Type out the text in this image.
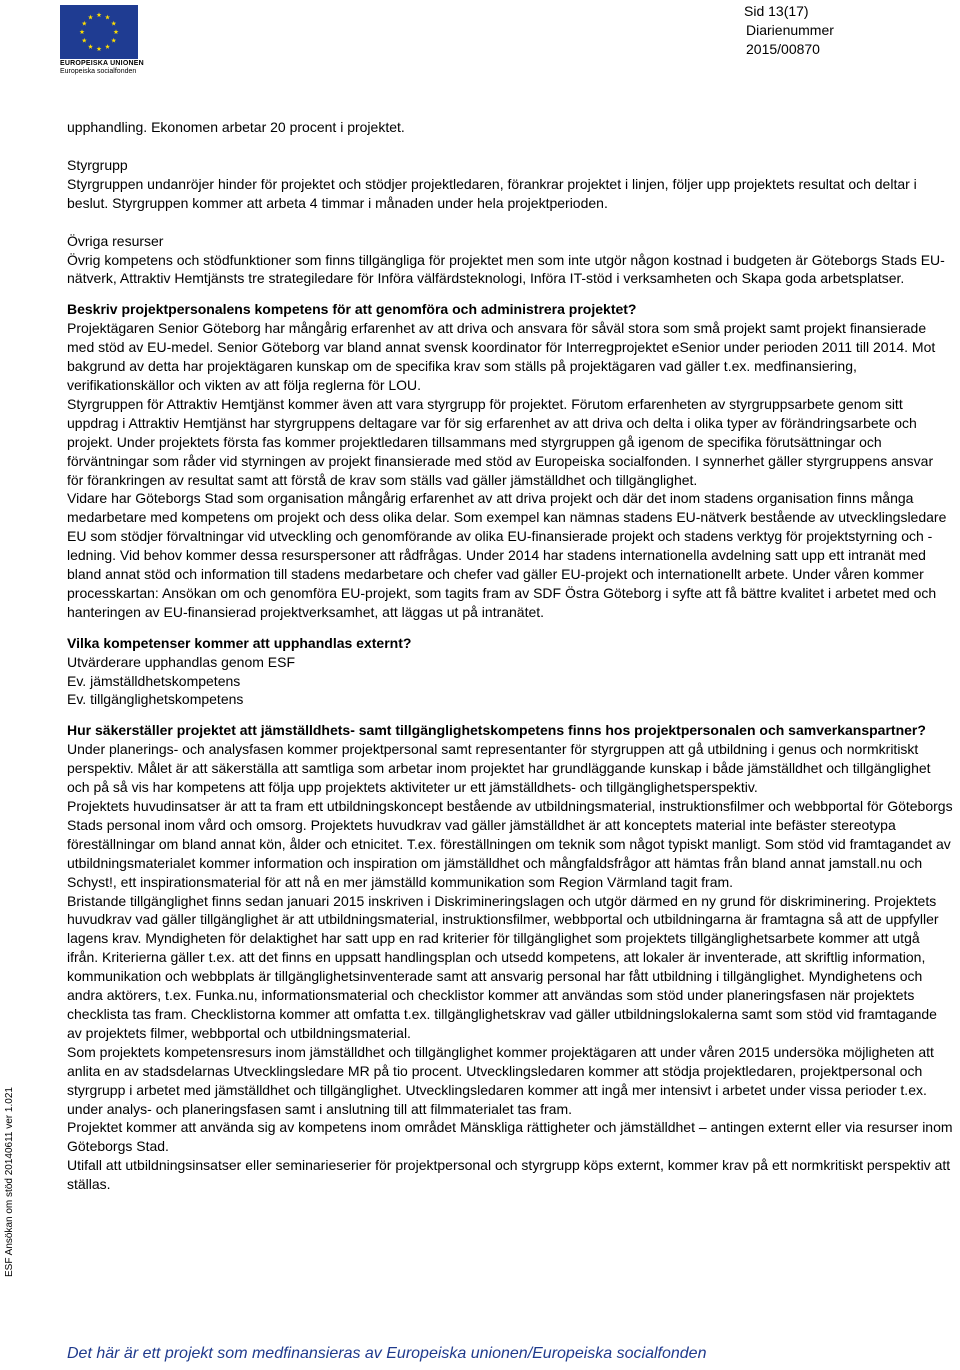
EUROPEISKA UNIONEN
Europeiska socialfonden
Sid 13(17)
Diarienummer
2015/00870

upphandling. Ekonomen arbetar 20 procent i projektet.

Styrgrupp

Styrgruppen undanröjer hinder för projektet och stödjer projektledaren, förankrar projektet i linjen, följer upp projektets resultat och deltar i beslut. Styrgruppen kommer att arbeta 4 timmar i månaden under hela projektperioden.

Övriga resurser

Övrig kompetens och stödfunktioner som finns tillgängliga för projektet men som inte utgör någon kostnad i budgeten är Göteborgs Stads EU-nätverk, Attraktiv Hemtjänsts tre strategiledare för Införa välfärdsteknologi, Införa IT-stöd i verksamheten och Skapa goda arbetsplatser.

Beskriv projektpersonalens kompetens för att genomföra och administrera projektet?

Projektägaren Senior Göteborg har mångårig erfarenhet av att driva och ansvara för såväl stora som små projekt samt projekt finansierade med stöd av EU-medel. Senior Göteborg var bland annat svensk koordinator för Interregprojektet eSenior under perioden 2011 till 2014. Mot bakgrund av detta har projektägaren kunskap om de specifika krav som ställs på projektägaren vad gäller t.ex. medfinansiering, verifikationskällor och vikten av att följa reglerna för LOU.

Styrgruppen för Attraktiv Hemtjänst kommer även att vara styrgrupp för projektet. Förutom erfarenheten av styrgruppsarbete genom sitt uppdrag i Attraktiv Hemtjänst har styrgruppens deltagare var för sig erfarenhet av att driva och delta i olika typer av förändringsarbete och projekt. Under projektets första fas kommer projektledaren tillsammans med styrgruppen gå igenom de specifika förutsättningar och förväntningar som råder vid styrningen av projekt finansierade med stöd av Europeiska socialfonden. I synnerhet gäller styrgruppens ansvar för förankringen av resultat samt att förstå de krav som ställs vad gäller jämställdhet och tillgänglighet.

Vidare har Göteborgs Stad som organisation mångårig erfarenhet av att driva projekt och där det inom stadens organisation finns många medarbetare med kompetens om projekt och dess olika delar. Som exempel kan nämnas stadens EU-nätverk bestående av utvecklingsledare EU som stödjer förvaltningar vid utveckling och genomförande av olika EU-finansierade projekt och stadens verktyg för projektstyrning och -ledning. Vid behov kommer dessa resurspersoner att rådfrågas. Under 2014 har stadens internationella avdelning satt upp ett intranät med bland annat stöd och information till stadens medarbetare och chefer vad gäller EU-projekt och internationellt arbete. Under våren kommer processkartan: Ansökan om och genomföra EU-projekt, som tagits fram av SDF Östra Göteborg i syfte att få bättre kvalitet i arbetet med och hanteringen av EU-finansierad projektverksamhet, att läggas ut på intranätet.

Vilka kompetenser kommer att upphandlas externt?

Utvärderare upphandlas genom ESF

Ev. jämställdhetskompetens

Ev. tillgänglighetskompetens

Hur säkerställer projektet att jämställdhets- samt tillgänglighetskompetens finns hos projektpersonalen och samverkanspartner?

Under planerings- och analysfasen kommer projektpersonal samt representanter för styrgruppen att gå utbildning i genus och normkritiskt perspektiv. Målet är att säkerställa att samtliga som arbetar inom projektet har grundläggande kunskap i både jämställdhet och tillgänglighet och på så vis har kompetens att följa upp projektets aktiviteter ur ett jämställdhets- och tillgänglighetsperspektiv.

Projektets huvudinsatser är att ta fram ett utbildningskoncept bestående av utbildningsmaterial, instruktionsfilmer och webbportal för Göteborgs Stads personal inom vård och omsorg. Projektets huvudkrav vad gäller jämställdhet är att konceptets material inte befäster stereotypa föreställningar om bland annat kön, ålder och etnicitet. T.ex. föreställningen om teknik som något typiskt manligt. Som stöd vid framtagandet av utbildningsmaterialet kommer information och inspiration om jämställdhet och mångfaldsfrågor att hämtas från bland annat jamstall.nu och Schyst!, ett inspirationsmaterial för att nå en mer jämställd kommunikation som Region Värmland tagit fram.

Bristande tillgänglighet finns sedan januari 2015 inskriven i Diskrimineringslagen och utgör därmed en ny grund för diskriminering. Projektets huvudkrav vad gäller tillgänglighet är att utbildningsmaterial, instruktionsfilmer, webbportal och utbildningarna är framtagna så att de uppfyller lagens krav. Myndigheten för delaktighet har satt upp en rad kriterier för tillgänglighet som projektets tillgänglighetsarbete kommer att utgå ifrån. Kriterierna gäller t.ex. att det finns en uppsatt handlingsplan och utsedd kompetens, att lokaler är inventerade, att skriftlig information, kommunikation och webbplats är tillgänglighetsinventerade samt att ansvarig personal har fått utbildning i tillgänglighet. Myndighetens och andra aktörers, t.ex. Funka.nu, informationsmaterial och checklistor kommer att användas som stöd under planeringsfasen när projektets checklista tas fram. Checklistorna kommer att omfatta t.ex. tillgänglighetskrav vad gäller utbildningslokalerna samt som stöd vid framtagande av projektets filmer, webbportal och utbildningsmaterial.

Som projektets kompetensresurs inom jämställdhet och tillgänglighet kommer projektägaren att under våren 2015 undersöka möjligheten att anlita en av stadsdelarnas Utvecklingsledare MR på tio procent. Utvecklingsledaren kommer att stödja projektledaren, projektpersonal och styrgrupp i arbetet med jämställdhet och tillgänglighet. Utvecklingsledaren kommer att ingå mer intensivt i arbetet under vissa perioder t.ex. under analys- och planeringsfasen samt i anslutning till att filmmaterialet tas fram.

Projektet kommer att använda sig av kompetens inom området Mänskliga rättigheter och jämställdhet – antingen externt eller via resurser inom Göteborgs Stad.

Utifall att utbildningsinsatser eller seminarieserier för projektpersonal och styrgrupp köps externt, kommer krav på ett normkritiskt perspektiv att ställas.

ESF Ansökan om stöd 20140611 ver 1.021
Det här är ett projekt som medfinansieras av Europeiska unionen/Europeiska socialfonden
